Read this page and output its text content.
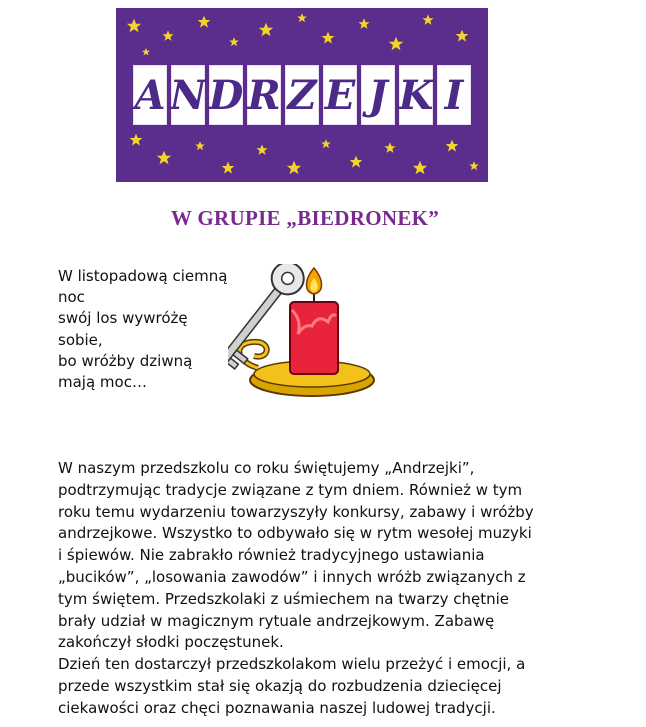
A N D R Z E J K I
W GRUPIE „BIEDRONEK”
W listopadową ciemną
noc
swój los wywróżę
sobie,
bo wróżby dziwną
mają moc…
W naszym przedszkolu co roku świętujemy „Andrzejki”,
podtrzymując tradycje związane z tym dniem. Również w tym
roku temu wydarzeniu towarzyszyły konkursy, zabawy i wróżby
andrzejkowe. Wszystko to odbywało się w rytm wesołej muzyki
i śpiewów. Nie zabrakło również tradycyjnego ustawiania
„bucików”, „losowania zawodów” i innych wróżb związanych z
tym świętem. Przedszkolaki z uśmiechem na twarzy chętnie
brały udział w magicznym rytuale andrzejkowym. Zabawę
zakończył słodki poczęstunek.
Dzień ten dostarczył przedszkolakom wielu przeżyć i emocji, a
przede wszystkim stał się okazją do rozbudzenia dziecięcej
ciekawości oraz chęci poznawania naszej ludowej tradycji.
